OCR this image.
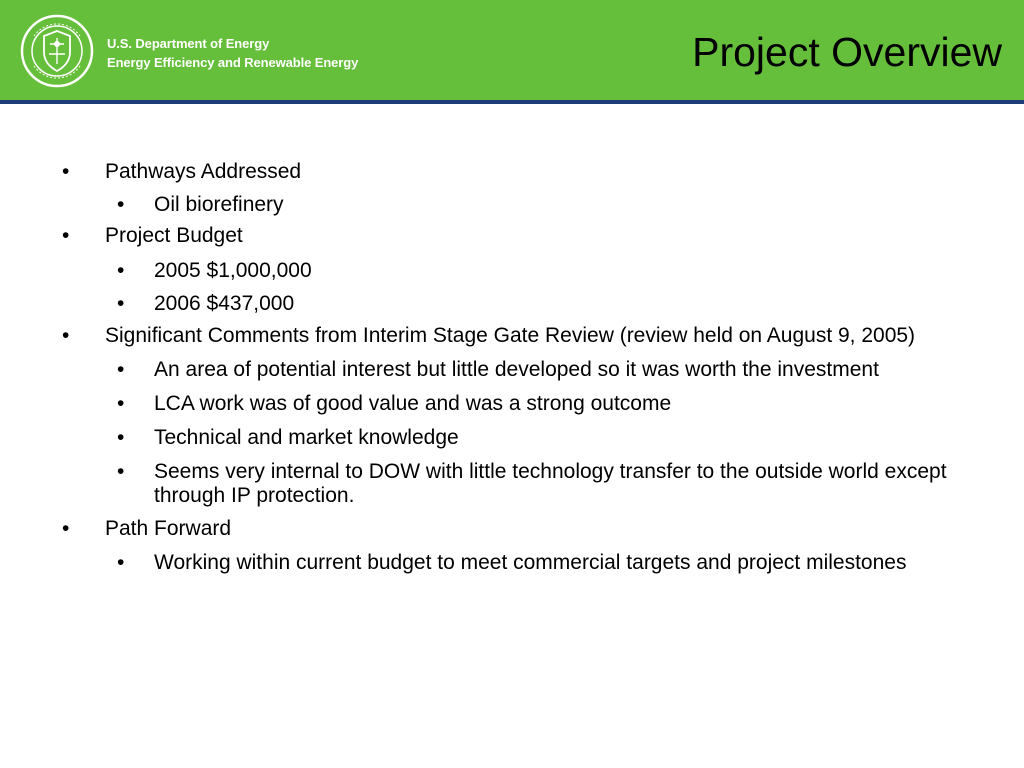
U.S. Department of Energy
Energy Efficiency and Renewable Energy	Project Overview
• Pathways Addressed
• Oil biorefinery
• Project Budget
• 2005 $1,000,000
• 2006 $437,000
• Significant Comments from Interim Stage Gate Review (review held on August 9, 2005)
• An area of potential interest but little developed so it was worth the investment
• LCA work was of good value and was a strong outcome
• Technical and market knowledge
• Seems very internal to DOW with little technology transfer to the outside world except through IP protection.
• Path Forward
• Working within current budget to meet commercial targets and project milestones
